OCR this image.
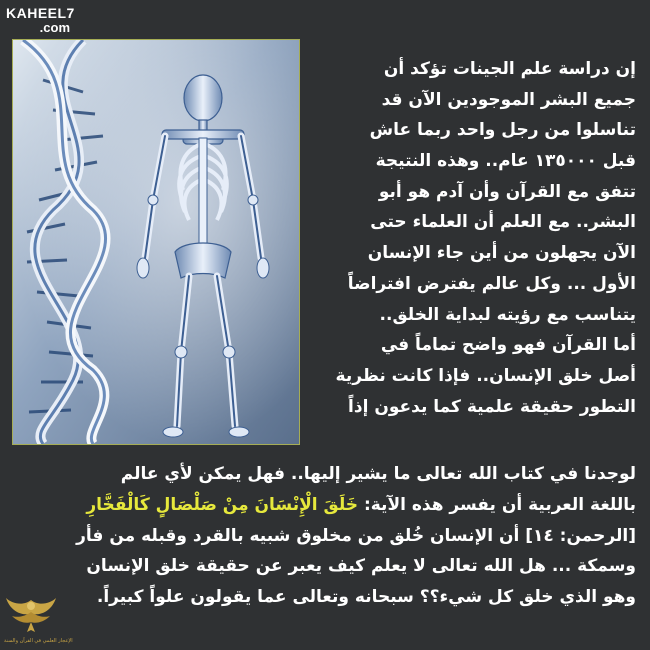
KAHEEL7
.com
إن دراسة علم الجينات تؤكد أن
جميع البشر الموجودين الآن قد
تناسلوا من رجل واحد ربما عاش
قبل ١٣٥٠٠٠ عام.. وهذه النتيجة
تتفق مع القرآن وأن آدم هو أبو
البشر.. مع العلم أن العلماء حتى
الآن يجهلون من أين جاء الإنسان
الأول ... وكل عالم يفترض افتراضاً
يتناسب مع رؤيته لبداية الخلق..
أما القرآن فهو واضح تماماً في
أصل خلق الإنسان.. فإذا كانت نظرية
التطور حقيقة علمية كما يدعون إذاً
لوجدنا في كتاب الله تعالى ما يشير إليها.. فهل يمكن لأي عالم
باللغة العربية أن يفسر هذه الآية: خَلَقَ الْإِنْسَانَ مِنْ صَلْصَالٍ كَالْفَخَّارِ
[الرحمن: ١٤] أن الإنسان خُلق من مخلوق شبيه بالقرد وقبله من فأر
وسمكة ... هل الله تعالى لا يعلم كيف يعبر عن حقيقة خلق الإنسان
وهو الذي خلق كل شيء؟؟ سبحانه وتعالى عما يقولون علواً كبيراً.
الإعجاز العلمي في القرآن والسنة
